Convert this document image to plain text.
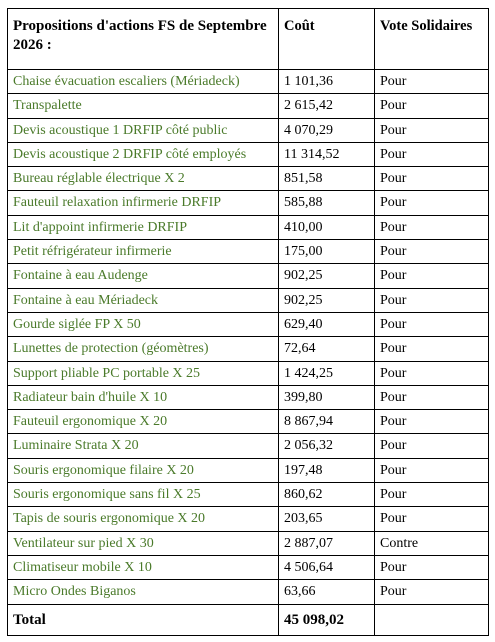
Propositions d'actions FS de Septembre 2026 :	Coût	Vote Solidaires
Chaise évacuation escaliers (Mériadeck)	1 101,36	Pour
Transpalette	2 615,42	Pour
Devis acoustique 1 DRFIP côté public	4 070,29	Pour
Devis acoustique 2 DRFIP côté employés	11 314,52	Pour
Bureau réglable électrique X 2	851,58	Pour
Fauteuil relaxation infirmerie DRFIP	585,88	Pour
Lit d'appoint infirmerie DRFIP	410,00	Pour
Petit réfrigérateur infirmerie	175,00	Pour
Fontaine à eau Audenge	902,25	Pour
Fontaine à eau Mériadeck	902,25	Pour
Gourde siglée FP X 50	629,40	Pour
Lunettes de protection (géomètres)	72,64	Pour
Support pliable PC portable X 25	1 424,25	Pour
Radiateur bain d'huile X 10	399,80	Pour
Fauteuil ergonomique X 20	8 867,94	Pour
Luminaire Strata X 20	2 056,32	Pour
Souris ergonomique filaire X 20	197,48	Pour
Souris ergonomique sans fil X 25	860,62	Pour
Tapis de souris ergonomique X 20	203,65	Pour
Ventilateur sur pied X 30	2 887,07	Contre
Climatiseur mobile X 10	4 506,64	Pour
Micro Ondes Biganos	63,66	Pour
Total	45 098,02	
